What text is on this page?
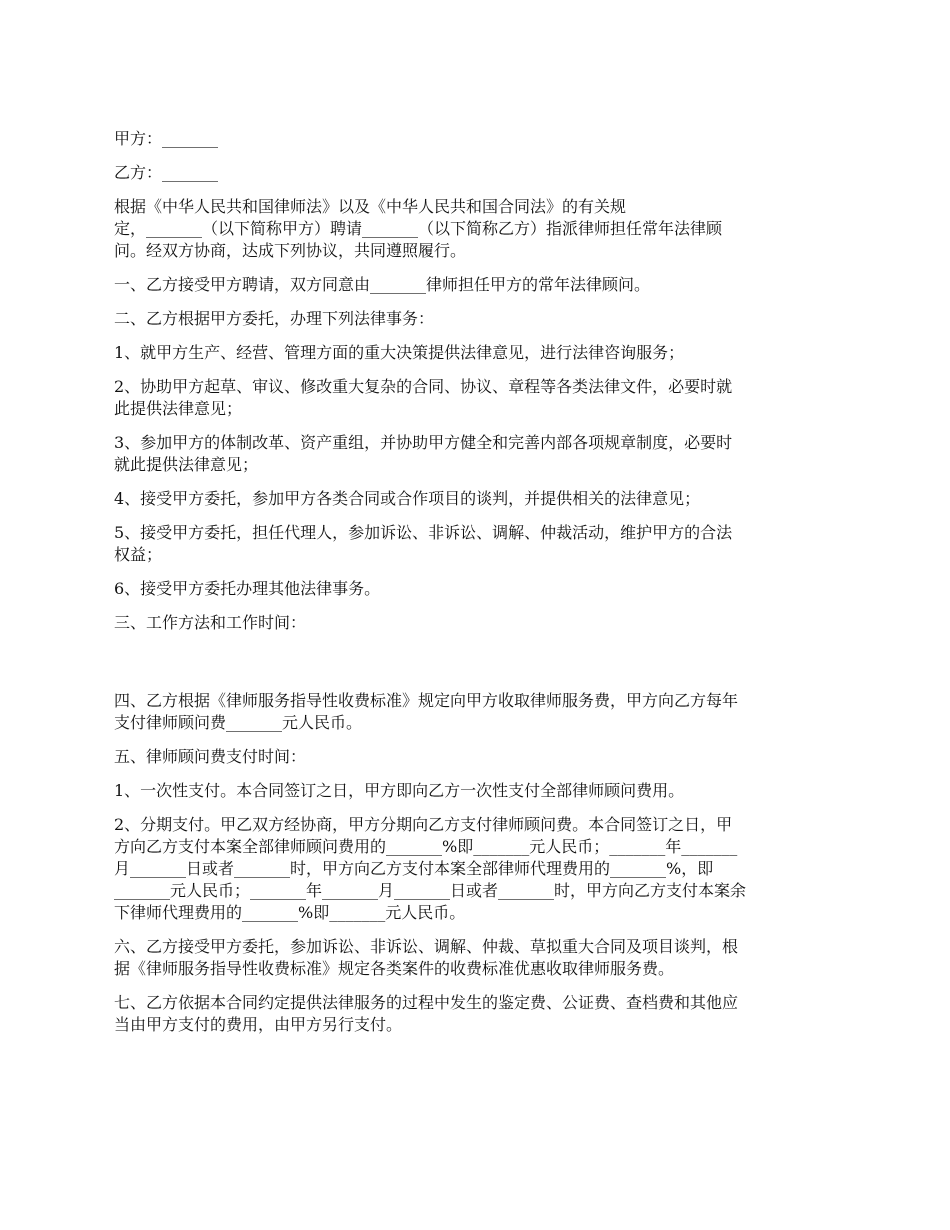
甲方：_______

乙方：_______

根据《中华人民共和国律师法》以及《中华人民共和国合同法》的有关规
定，_______（以下简称甲方）聘请_______（以下简称乙方）指派律师担任常年法律顾
问。经双方协商，达成下列协议，共同遵照履行。

一、乙方接受甲方聘请，双方同意由_______律师担任甲方的常年法律顾问。

二、乙方根据甲方委托，办理下列法律事务：

1、就甲方生产、经营、管理方面的重大决策提供法律意见，进行法律咨询服务；

2、协助甲方起草、审议、修改重大复杂的合同、协议、章程等各类法律文件，必要时就
此提供法律意见；

3、参加甲方的体制改革、资产重组，并协助甲方健全和完善内部各项规章制度，必要时
就此提供法律意见；

4、接受甲方委托，参加甲方各类合同或合作项目的谈判，并提供相关的法律意见；

5、接受甲方委托，担任代理人，参加诉讼、非诉讼、调解、仲裁活动，维护甲方的合法
权益；

6、接受甲方委托办理其他法律事务。

三、工作方法和工作时间：

四、乙方根据《律师服务指导性收费标准》规定向甲方收取律师服务费，甲方向乙方每年
支付律师顾问费_______元人民币。

五、律师顾问费支付时间：

1、一次性支付。本合同签订之日，甲方即向乙方一次性支付全部律师顾问费用。

2、分期支付。甲乙双方经协商，甲方分期向乙方支付律师顾问费。本合同签订之日，甲
方向乙方支付本案全部律师顾问费用的_______%即_______元人民币；_______年_______
月_______日或者_______时，甲方向乙方支付本案全部律师代理费用的_______%，即
_______元人民币；_______年_______月_______日或者_______时，甲方向乙方支付本案余
下律师代理费用的_______%即_______元人民币。

六、乙方接受甲方委托，参加诉讼、非诉讼、调解、仲裁、草拟重大合同及项目谈判，根
据《律师服务指导性收费标准》规定各类案件的收费标准优惠收取律师服务费。

七、乙方依据本合同约定提供法律服务的过程中发生的鉴定费、公证费、查档费和其他应
当由甲方支付的费用，由甲方另行支付。
